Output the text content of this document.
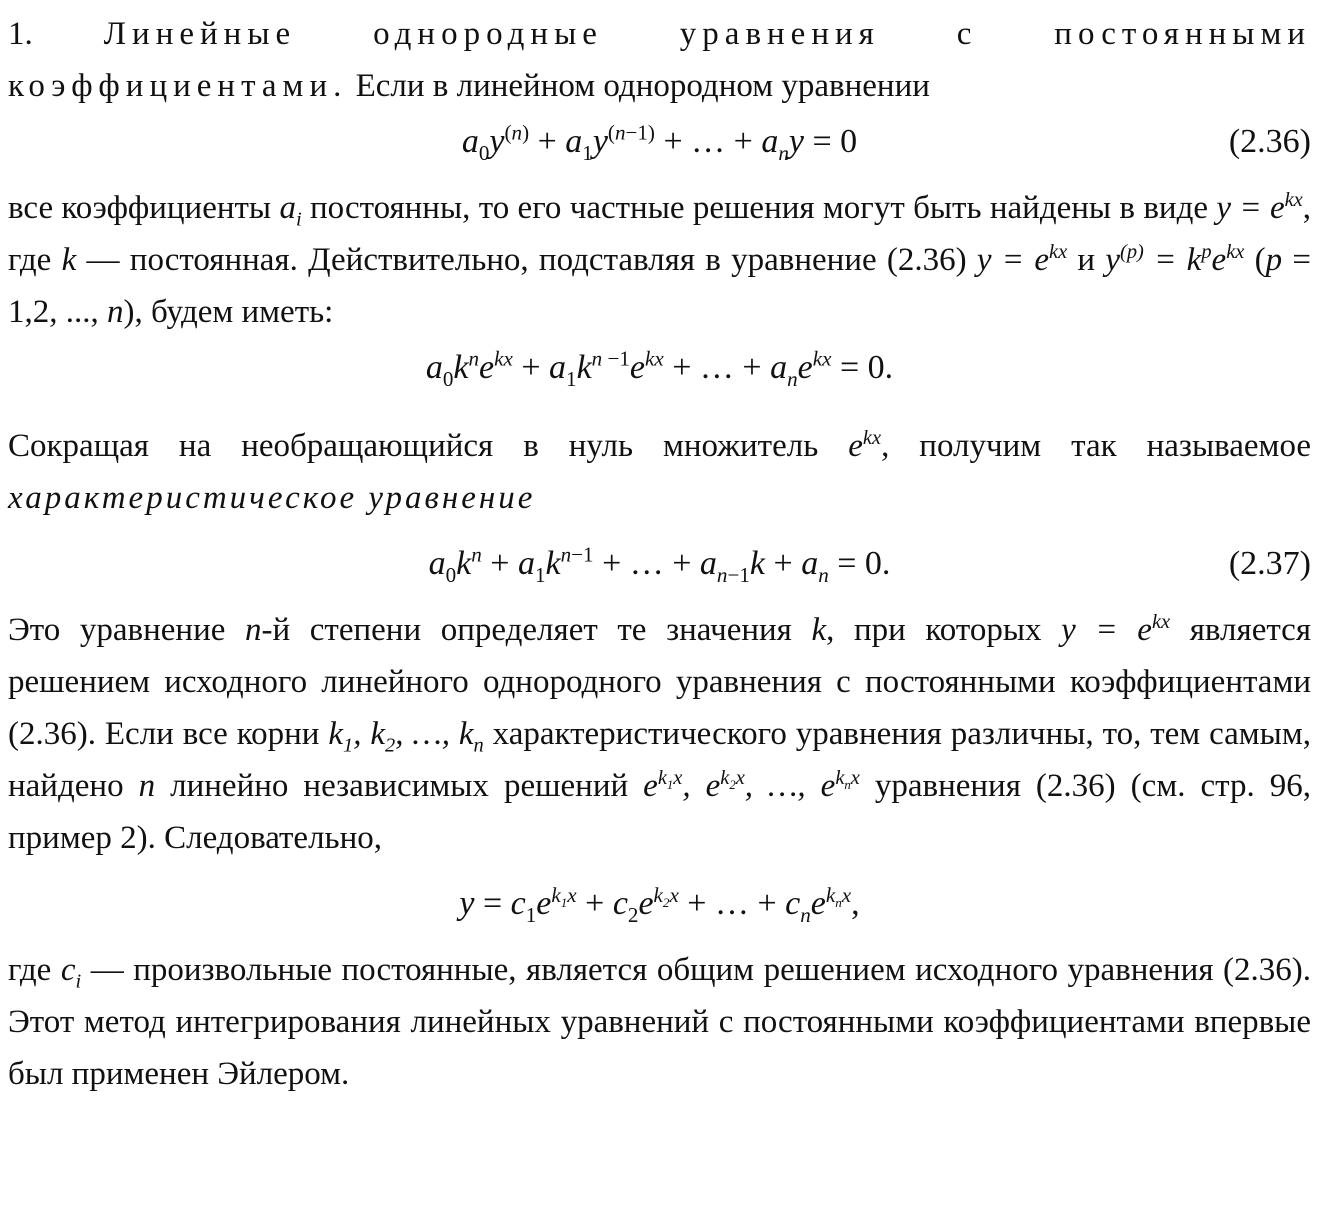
1. Линейные однородные уравнения с постоянными коэффициентами. Если в линейном однородном уравнении

$a_0y^{(n)} + a_1y^{(n-1)}$ + … + $a_ny = 0$	(2.36)

все коэффициенты $a_i$ постоянны, то его частные решения могут быть найдены в виде $y = e^{kx}$, где k — постоянная. Действительно, подставляя в уравнение (2.36) $y = e^{kx}$ и $y^{(p)} = k^pe^{kx}$ (p = 1,2, ..., n), будем иметь:

$a_0k^ne^{kx} + a_1k^{n -1}e^{kx}$ + … + $a_ne^{kx} = 0$.

Сокращая на необращающийся в нуль множитель $e^{kx}$, получим так называемое характеристическое уравнение

$a_0k^n + a_1k^{n-1}$ + … + $a_{n-1}k + a_n = 0$.	(2.37)

Это уравнение n-й степени определяет те значения k, при которых $y = e^{kx}$ является решением исходного линейного однородного уравнения с постоянными коэффициентами (2.36). Если все корни $k_1$, $k_2$, …, $k_n$ характеристического уравнения различны, то, тем самым, найдено n линейно независимых решений $e^{k_1x}$, $e^{k_2x}$, …, $e^{k_nx}$ уравнения (2.36) (см. стр. 96, пример 2). Следовательно,

$y = c_1e^{k_1x} + c_2e^{k_2x}$ + … + $c_ne^{k_nx}$,

где $c_i$ — произвольные постоянные, является общим решением исходного уравнения (2.36). Этот метод интегрирования линейных уравнений с постоянными коэффициентами впервые был применен Эйлером.
